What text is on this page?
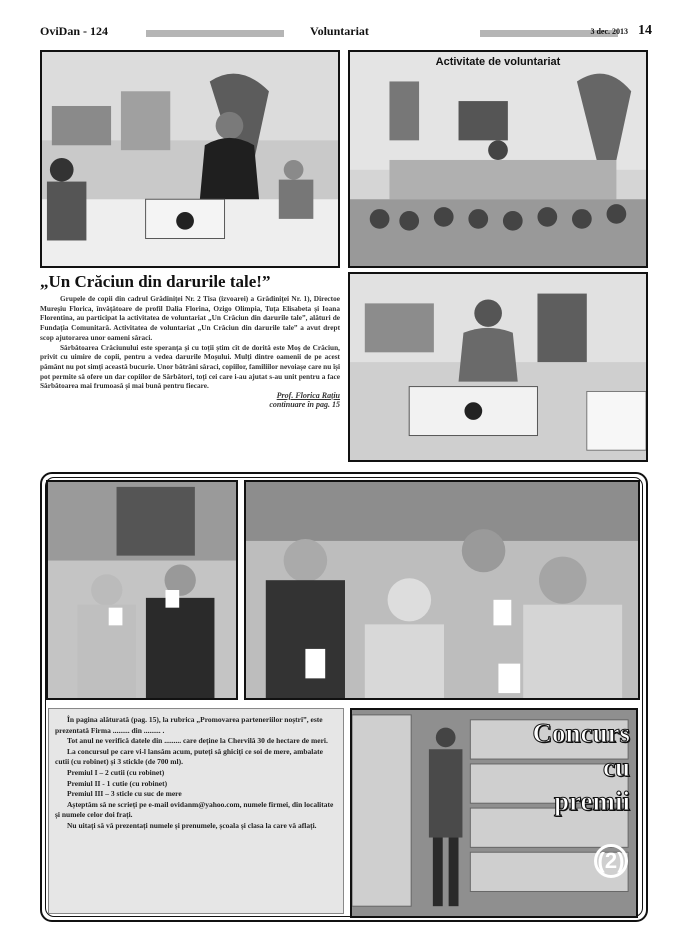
OviDan - 124	Voluntariat	3 dec. 2013 14
Activitate de voluntariat
„Un Crăciun din darurile tale!”

Grupele de copii din cadrul Grădiniței Nr. 2 Tisa (izvoarei) a Grădiniței Nr. 1), Directoe Mureșiu Florica, învățătoare de profil Dalia Florina, Ozigo Olimpia, Tuța Elisabeta și Ioana Florentina, au participat la activitatea de voluntariat „Un Crăciun din darurile tale”, alături de Fundația Comunitară. Activitatea de voluntariat „Un Crăciun din darurile tale” a avut drept scop ajutorarea unor oameni săraci.

Sărbătoarea Crăciunului este speranța și cu toții știm cît de dorită este Moș de Crăciun, privit cu uimire de copii, pentru a vedea darurile Moșului. Mulți dintre oamenii de pe acest pământ nu pot simți această bucurie. Unor bătrâni săraci, copiilor, familiilor nevoiașe care nu își pot permite să ofere un dar copiilor de Sărbători, toți cei care i-au ajutat s-au unit pentru a face Sărbătoarea mai frumoasă și mai bună pentru fiecare.

Prof. Florica Rațiu
continuare în pag. 15

În pagina alăturată (pag. 15), la rubrica „Promovarea parteneriilor noștri”, este prezentată Firma ......... din ......... .

Tot anul ne verifică datele din ......... care deține la Chervilă 30 de hectare de meri.

La concursul pe care vi-l lansăm acum, puteți să ghiciți ce soi de mere, ambalate cutii (cu robinet) și 3 stickle (de 700 ml).

Premiul I – 2 cutii (cu robinet)
Premiul II - 1 cutie (cu robinet)
Premiul III – 3 sticle cu suc de mere

Așteptăm să ne scrieți pe e-mail ovidanm@yahoo.com, numele firmei, din localitate și numele celor doi frați.

Nu uitați să vă prezentați numele și prenumele, școala și clasa la care vă aflați.

Concurs
cu
premii
(2)
